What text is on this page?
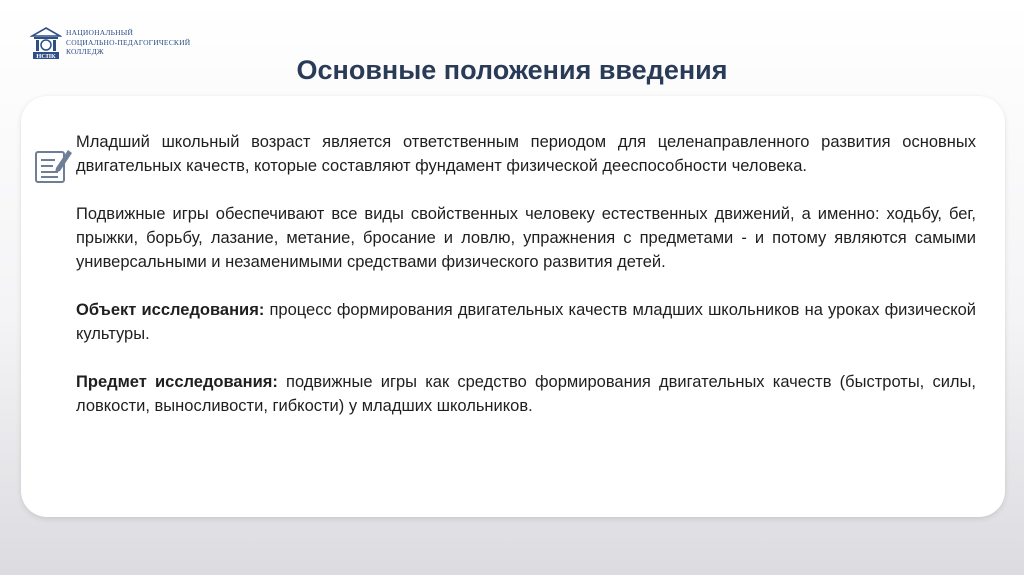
НСПК
НАЦИОНАЛЬНЫЙ
СОЦИАЛЬНО-ПЕДАГОГИЧЕСКИЙ
КОЛЛЕДЖ
Основные положения введения

Младший школьный возраст является ответственным периодом для целенаправленного развития основных двигательных качеств, которые составляют фундамент физической дееспособности человека.

Подвижные игры обеспечивают все виды свойственных человеку естественных движений, а именно: ходьбу, бег, прыжки, борьбу, лазание, метание, бросание и ловлю, упражнения с предметами - и потому являются самыми универсальными и незаменимыми средствами физического развития детей.

Объект исследования: процесс формирования двигательных качеств младших школьников на уроках физической культуры.

Предмет исследования: подвижные игры как средство формирования двигательных качеств (быстроты, силы, ловкости, выносливости, гибкости) у младших школьников.
